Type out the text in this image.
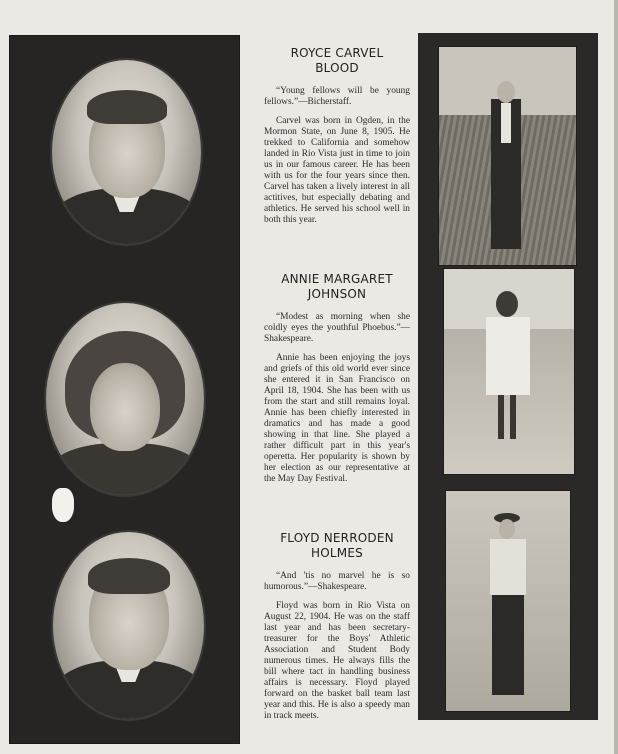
ROYCE CARVEL
BLOOD

“Young fellows will be young fellows.”—Bicherstaff.

Carvel was born in Ogden, in the Mormon State, on June 8, 1905. He trekked to California and somehow landed in Rio Vista just in time to join us in our famous career. He has been with us for the four years since then. Carvel has taken a lively interest in all actitives, but especially debating and athletics. He served his school well in both this year.

ANNIE MARGARET
JOHNSON

“Modest as morning when she coldly eyes the youthful Phoebus.”—Shakespeare.

Annie has been enjoying the joys and griefs of this old world ever since she entered it in San Francisco on April 18, 1904. She has been with us from the start and still remains loyal. Annie has been chiefly interested in dramatics and has made a good showing in that line. She played a rather difficult part in this year's operetta. Her popularity is shown by her election as our representative at the May Day Festival.

FLOYD NERRODEN
HOLMES

“And 'tis no marvel he is so humorous.”—Shakespeare.

Floyd was born in Rio Vista on August 22, 1904. He was on the staff last year and has been secretary-treasurer for the Boys' Athletic Association and Student Body numerous times. He always fills the bill where tact in handling business affairs is necessary. Floyd played forward on the basket ball team last year and this. He is also a speedy man in track meets.
